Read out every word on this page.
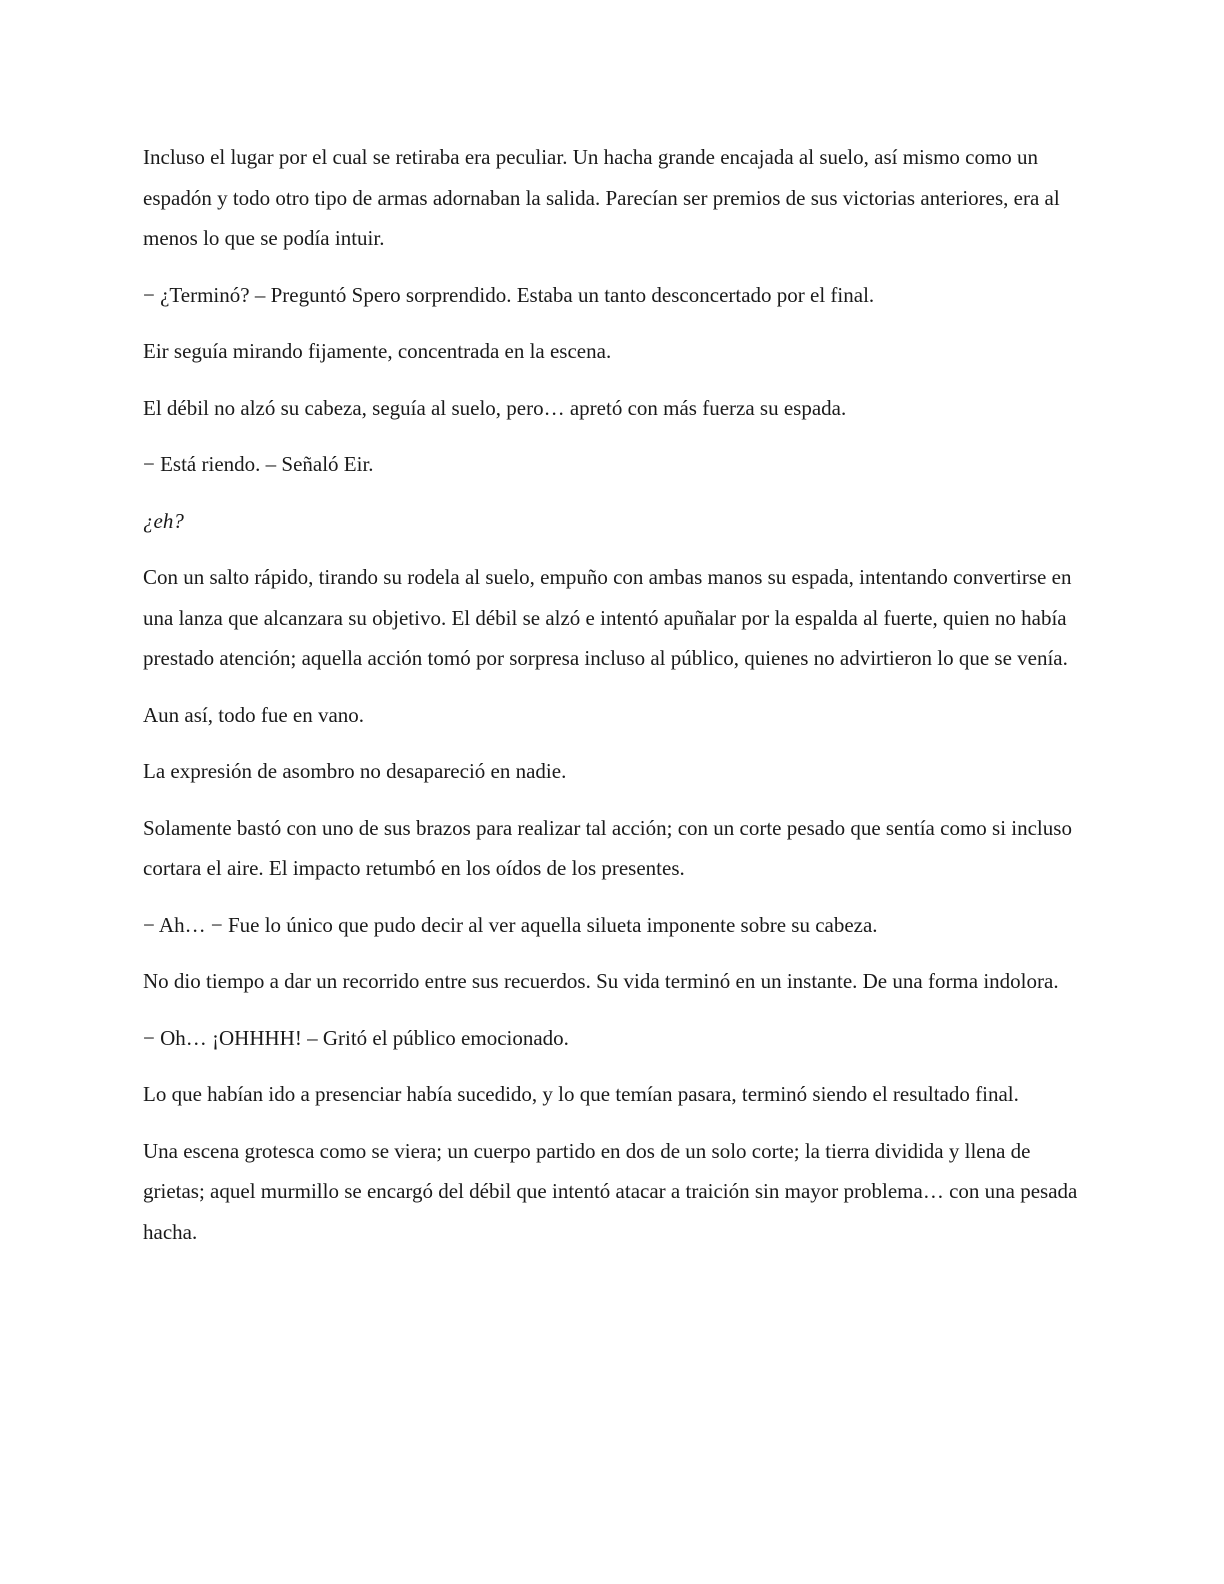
Incluso el lugar por el cual se retiraba era peculiar. Un hacha grande encajada al suelo, así mismo como un espadón y todo otro tipo de armas adornaban la salida. Parecían ser premios de sus victorias anteriores, era al menos lo que se podía intuir.

− ¿Terminó? – Preguntó Spero sorprendido. Estaba un tanto desconcertado por el final.

Eir seguía mirando fijamente, concentrada en la escena.

El débil no alzó su cabeza, seguía al suelo, pero… apretó con más fuerza su espada.

− Está riendo. – Señaló Eir.

¿eh?

Con un salto rápido, tirando su rodela al suelo, empuño con ambas manos su espada, intentando convertirse en una lanza que alcanzara su objetivo. El débil se alzó e intentó apuñalar por la espalda al fuerte, quien no había prestado atención; aquella acción tomó por sorpresa incluso al público, quienes no advirtieron lo que se venía.

Aun así, todo fue en vano.

La expresión de asombro no desapareció en nadie.

Solamente bastó con uno de sus brazos para realizar tal acción; con un corte pesado que sentía como si incluso cortara el aire. El impacto retumbó en los oídos de los presentes.

− Ah… − Fue lo único que pudo decir al ver aquella silueta imponente sobre su cabeza.

No dio tiempo a dar un recorrido entre sus recuerdos. Su vida terminó en un instante. De una forma indolora.

− Oh… ¡OHHHH! – Gritó el público emocionado.

Lo que habían ido a presenciar había sucedido, y lo que temían pasara, terminó siendo el resultado final.

Una escena grotesca como se viera; un cuerpo partido en dos de un solo corte; la tierra dividida y llena de grietas; aquel murmillo se encargó del débil que intentó atacar a traición sin mayor problema… con una pesada hacha.
